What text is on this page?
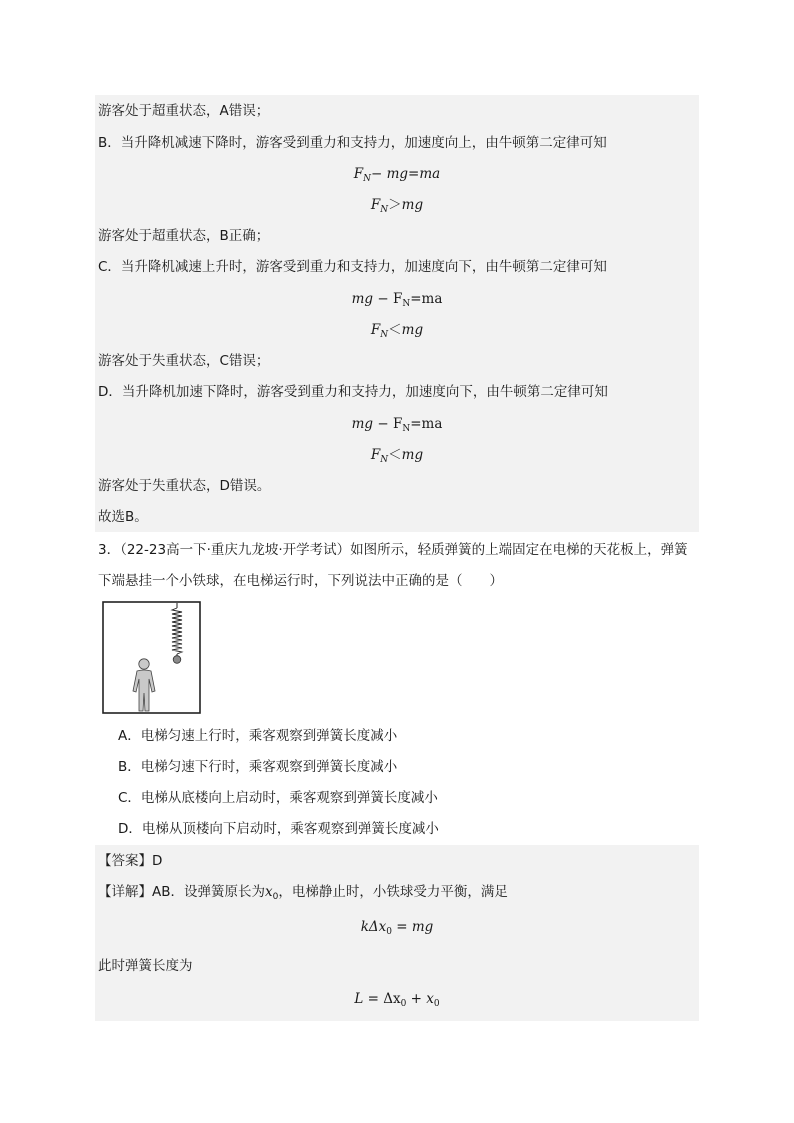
游客处于超重状态，A错误；
B．当升降机减速下降时，游客受到重力和支持力，加速度向上，由牛顿第二定律可知
$F_N- mg=ma$
$F_N>mg$
游客处于超重状态，B正确；
C．当升降机减速上升时，游客受到重力和支持力，加速度向下，由牛顿第二定律可知
mg − $F_N=ma$
$F_N<mg$
游客处于失重状态，C错误；
D．当升降机加速下降时，游客受到重力和支持力，加速度向下，由牛顿第二定律可知
mg − $F_N=ma$
$F_N<mg$
游客处于失重状态，D错误。
故选B。
3．（22-23高一下·重庆九龙坡·开学考试）如图所示，轻质弹簧的上端固定在电梯的天花板上，弹簧
下端悬挂一个小铁球，在电梯运行时，下列说法中正确的是（　　）
A．电梯匀速上行时，乘客观察到弹簧长度减小
B．电梯匀速下行时，乘客观察到弹簧长度减小
C．电梯从底楼向上启动时，乘客观察到弹簧长度减小
D．电梯从顶楼向下启动时，乘客观察到弹簧长度减小
【答案】D
【详解】AB．设弹簧原长为$x_0$，电梯静止时，小铁球受力平衡，满足
kΔx$_0$ = mg
此时弹簧长度为
$L = \Delta x_0 + x_0$
